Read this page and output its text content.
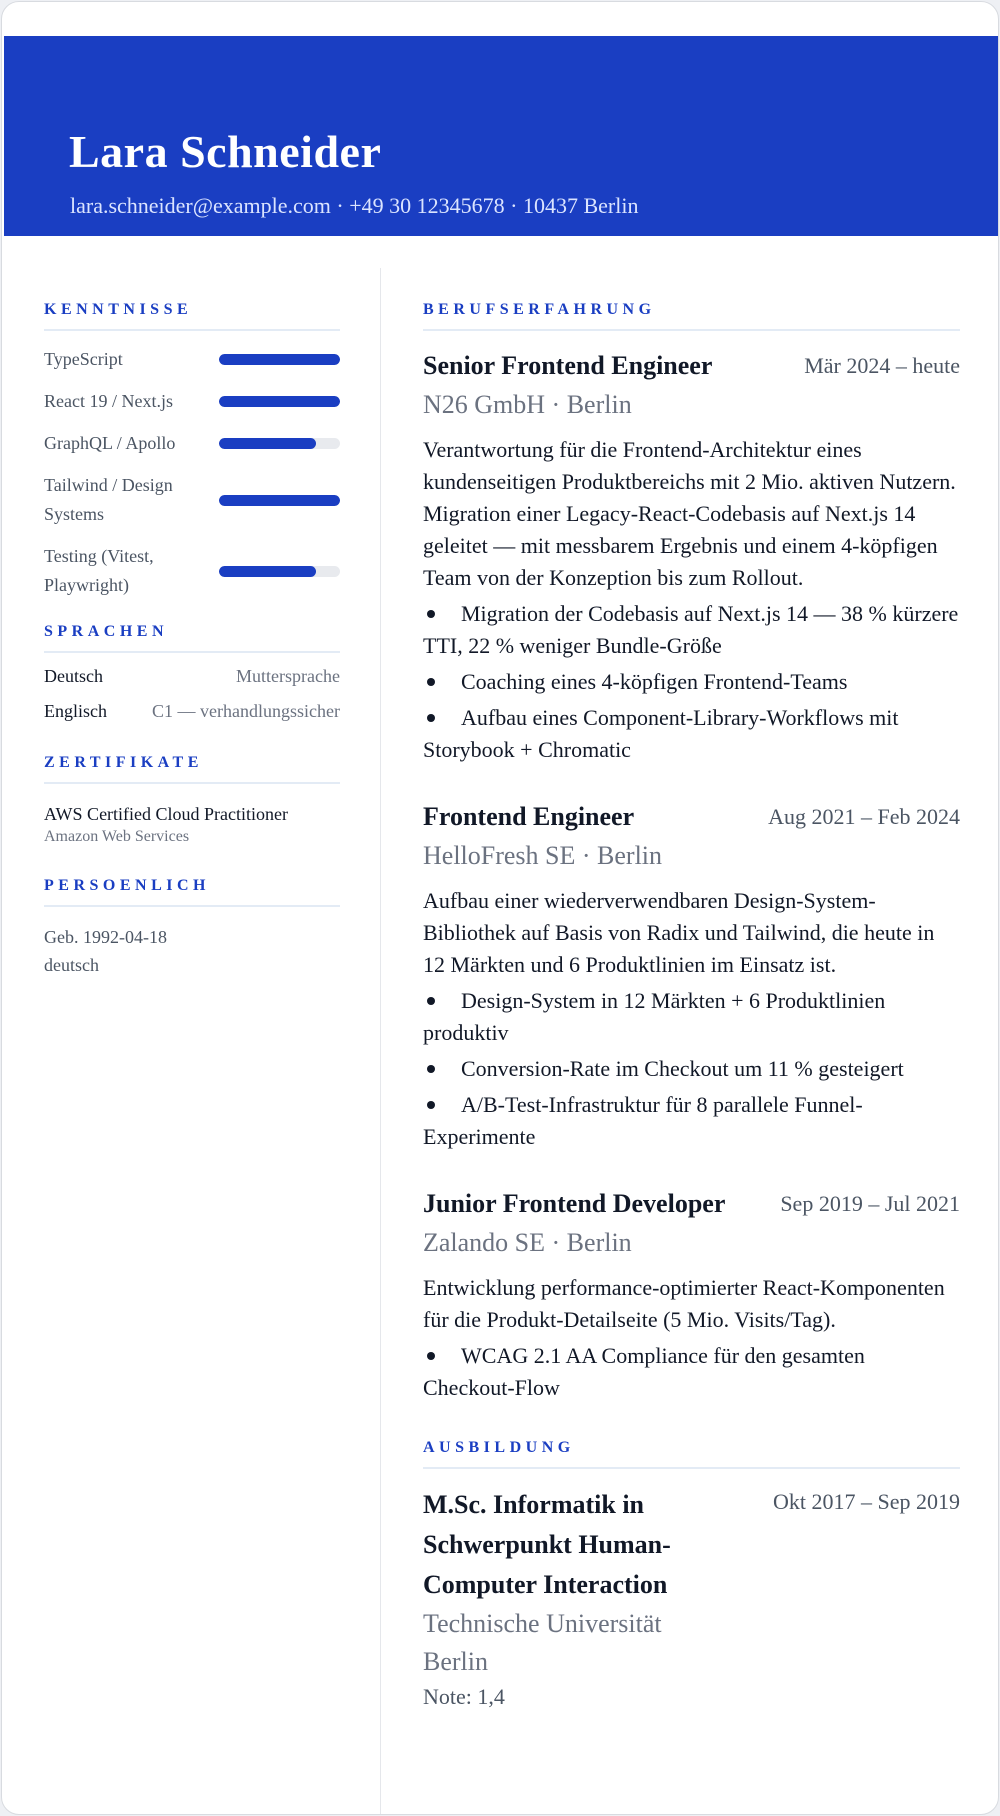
Lara Schneider
lara.schneider@example.com · +49 30 12345678 · 10437 Berlin
KENNTNISSE
TypeScript
React 19 / Next.js
GraphQL / Apollo
Tailwind / Design Systems
Testing (Vitest, Playwright)
SPRACHEN
Deutsch	Muttersprache
Englisch	C1 — verhandlungssicher
ZERTIFIKATE
AWS Certified Cloud Practitioner
Amazon Web Services
PERSOENLICH
Geb. 1992-04-18
deutsch
BERUFSERFAHRUNG
Senior Frontend Engineer	Mär 2024 – heute
N26 GmbH · Berlin
Verantwortung für die Frontend-Architektur eines kundenseitigen Produktbereichs mit 2 Mio. aktiven Nutzern. Migration einer Legacy-React-Codebasis auf Next.js 14 geleitet — mit messbarem Ergebnis und einem 4-köpfigen Team von der Konzeption bis zum Rollout.
Migration der Codebasis auf Next.js 14 — 38 % kürzere TTI, 22 % weniger Bundle-Größe
Coaching eines 4-köpfigen Frontend-Teams
Aufbau eines Component-Library-Workflows mit Storybook + Chromatic
Frontend Engineer	Aug 2021 – Feb 2024
HelloFresh SE · Berlin
Aufbau einer wiederverwendbaren Design-System-Bibliothek auf Basis von Radix und Tailwind, die heute in 12 Märkten und 6 Produktlinien im Einsatz ist.
Design-System in 12 Märkten + 6 Produktlinien produktiv
Conversion-Rate im Checkout um 11 % gesteigert
A/B-Test-Infrastruktur für 8 parallele Funnel-Experimente
Junior Frontend Developer	Sep 2019 – Jul 2021
Zalando SE · Berlin
Entwicklung performance-optimierter React-Komponenten für die Produkt-Detailseite (5 Mio. Visits/Tag).
WCAG 2.1 AA Compliance für den gesamten Checkout-Flow
AUSBILDUNG
M.Sc. Informatik in Schwerpunkt Human-Computer Interaction
Okt 2017 – Sep 2019
Technische Universität Berlin
Note: 1,4
